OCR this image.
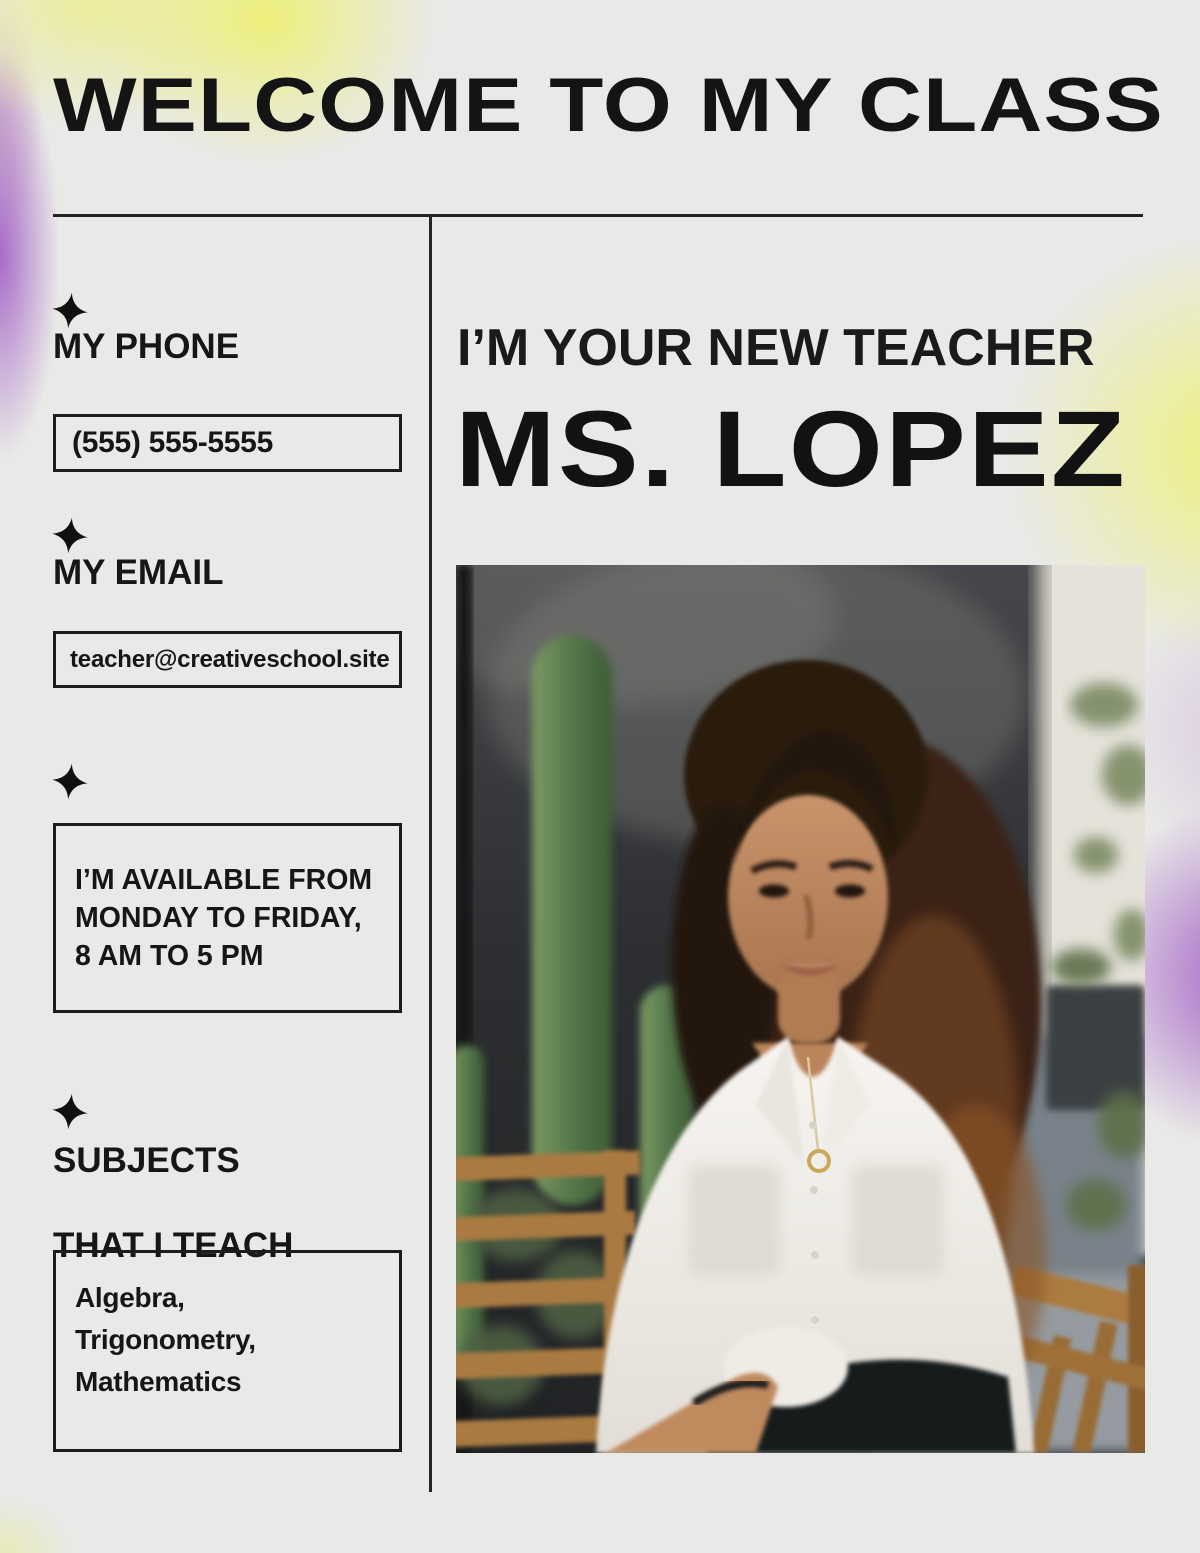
WELCOME TO MY CLASS
MY PHONE
(555) 555-5555
MY EMAIL
teacher@creativeschool.site
I’M AVAILABLE FROM
MONDAY TO FRIDAY,
8 AM TO 5 PM
SUBJECTS

THAT I TEACH

Algebra,
Trigonometry,
Mathematics
I’M YOUR NEW TEACHER
MS. LOPEZ
